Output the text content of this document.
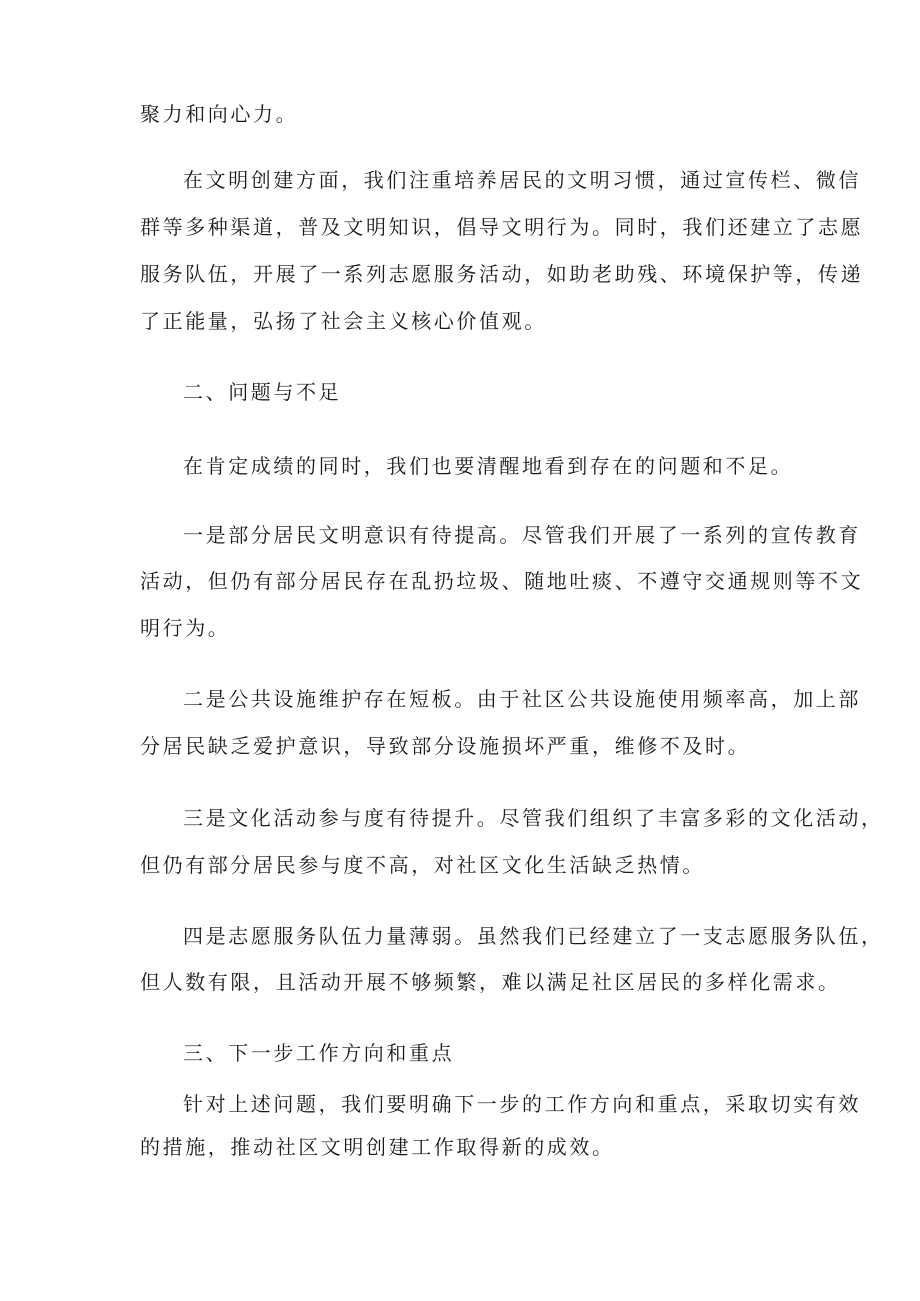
聚力和向心力。
在文明创建方面，我们注重培养居民的文明习惯，通过宣传栏、微信
群等多种渠道，普及文明知识，倡导文明行为。同时，我们还建立了志愿
服务队伍，开展了一系列志愿服务活动，如助老助残、环境保护等，传递
了正能量，弘扬了社会主义核心价值观。
二、问题与不足
在肯定成绩的同时，我们也要清醒地看到存在的问题和不足。
一是部分居民文明意识有待提高。尽管我们开展了一系列的宣传教育
活动，但仍有部分居民存在乱扔垃圾、随地吐痰、不遵守交通规则等不文
明行为。
二是公共设施维护存在短板。由于社区公共设施使用频率高，加上部
分居民缺乏爱护意识，导致部分设施损坏严重，维修不及时。
三是文化活动参与度有待提升。尽管我们组织了丰富多彩的文化活动，
但仍有部分居民参与度不高，对社区文化生活缺乏热情。
四是志愿服务队伍力量薄弱。虽然我们已经建立了一支志愿服务队伍，
但人数有限，且活动开展不够频繁，难以满足社区居民的多样化需求。
三、下一步工作方向和重点
针对上述问题，我们要明确下一步的工作方向和重点，采取切实有效
的措施，推动社区文明创建工作取得新的成效。
